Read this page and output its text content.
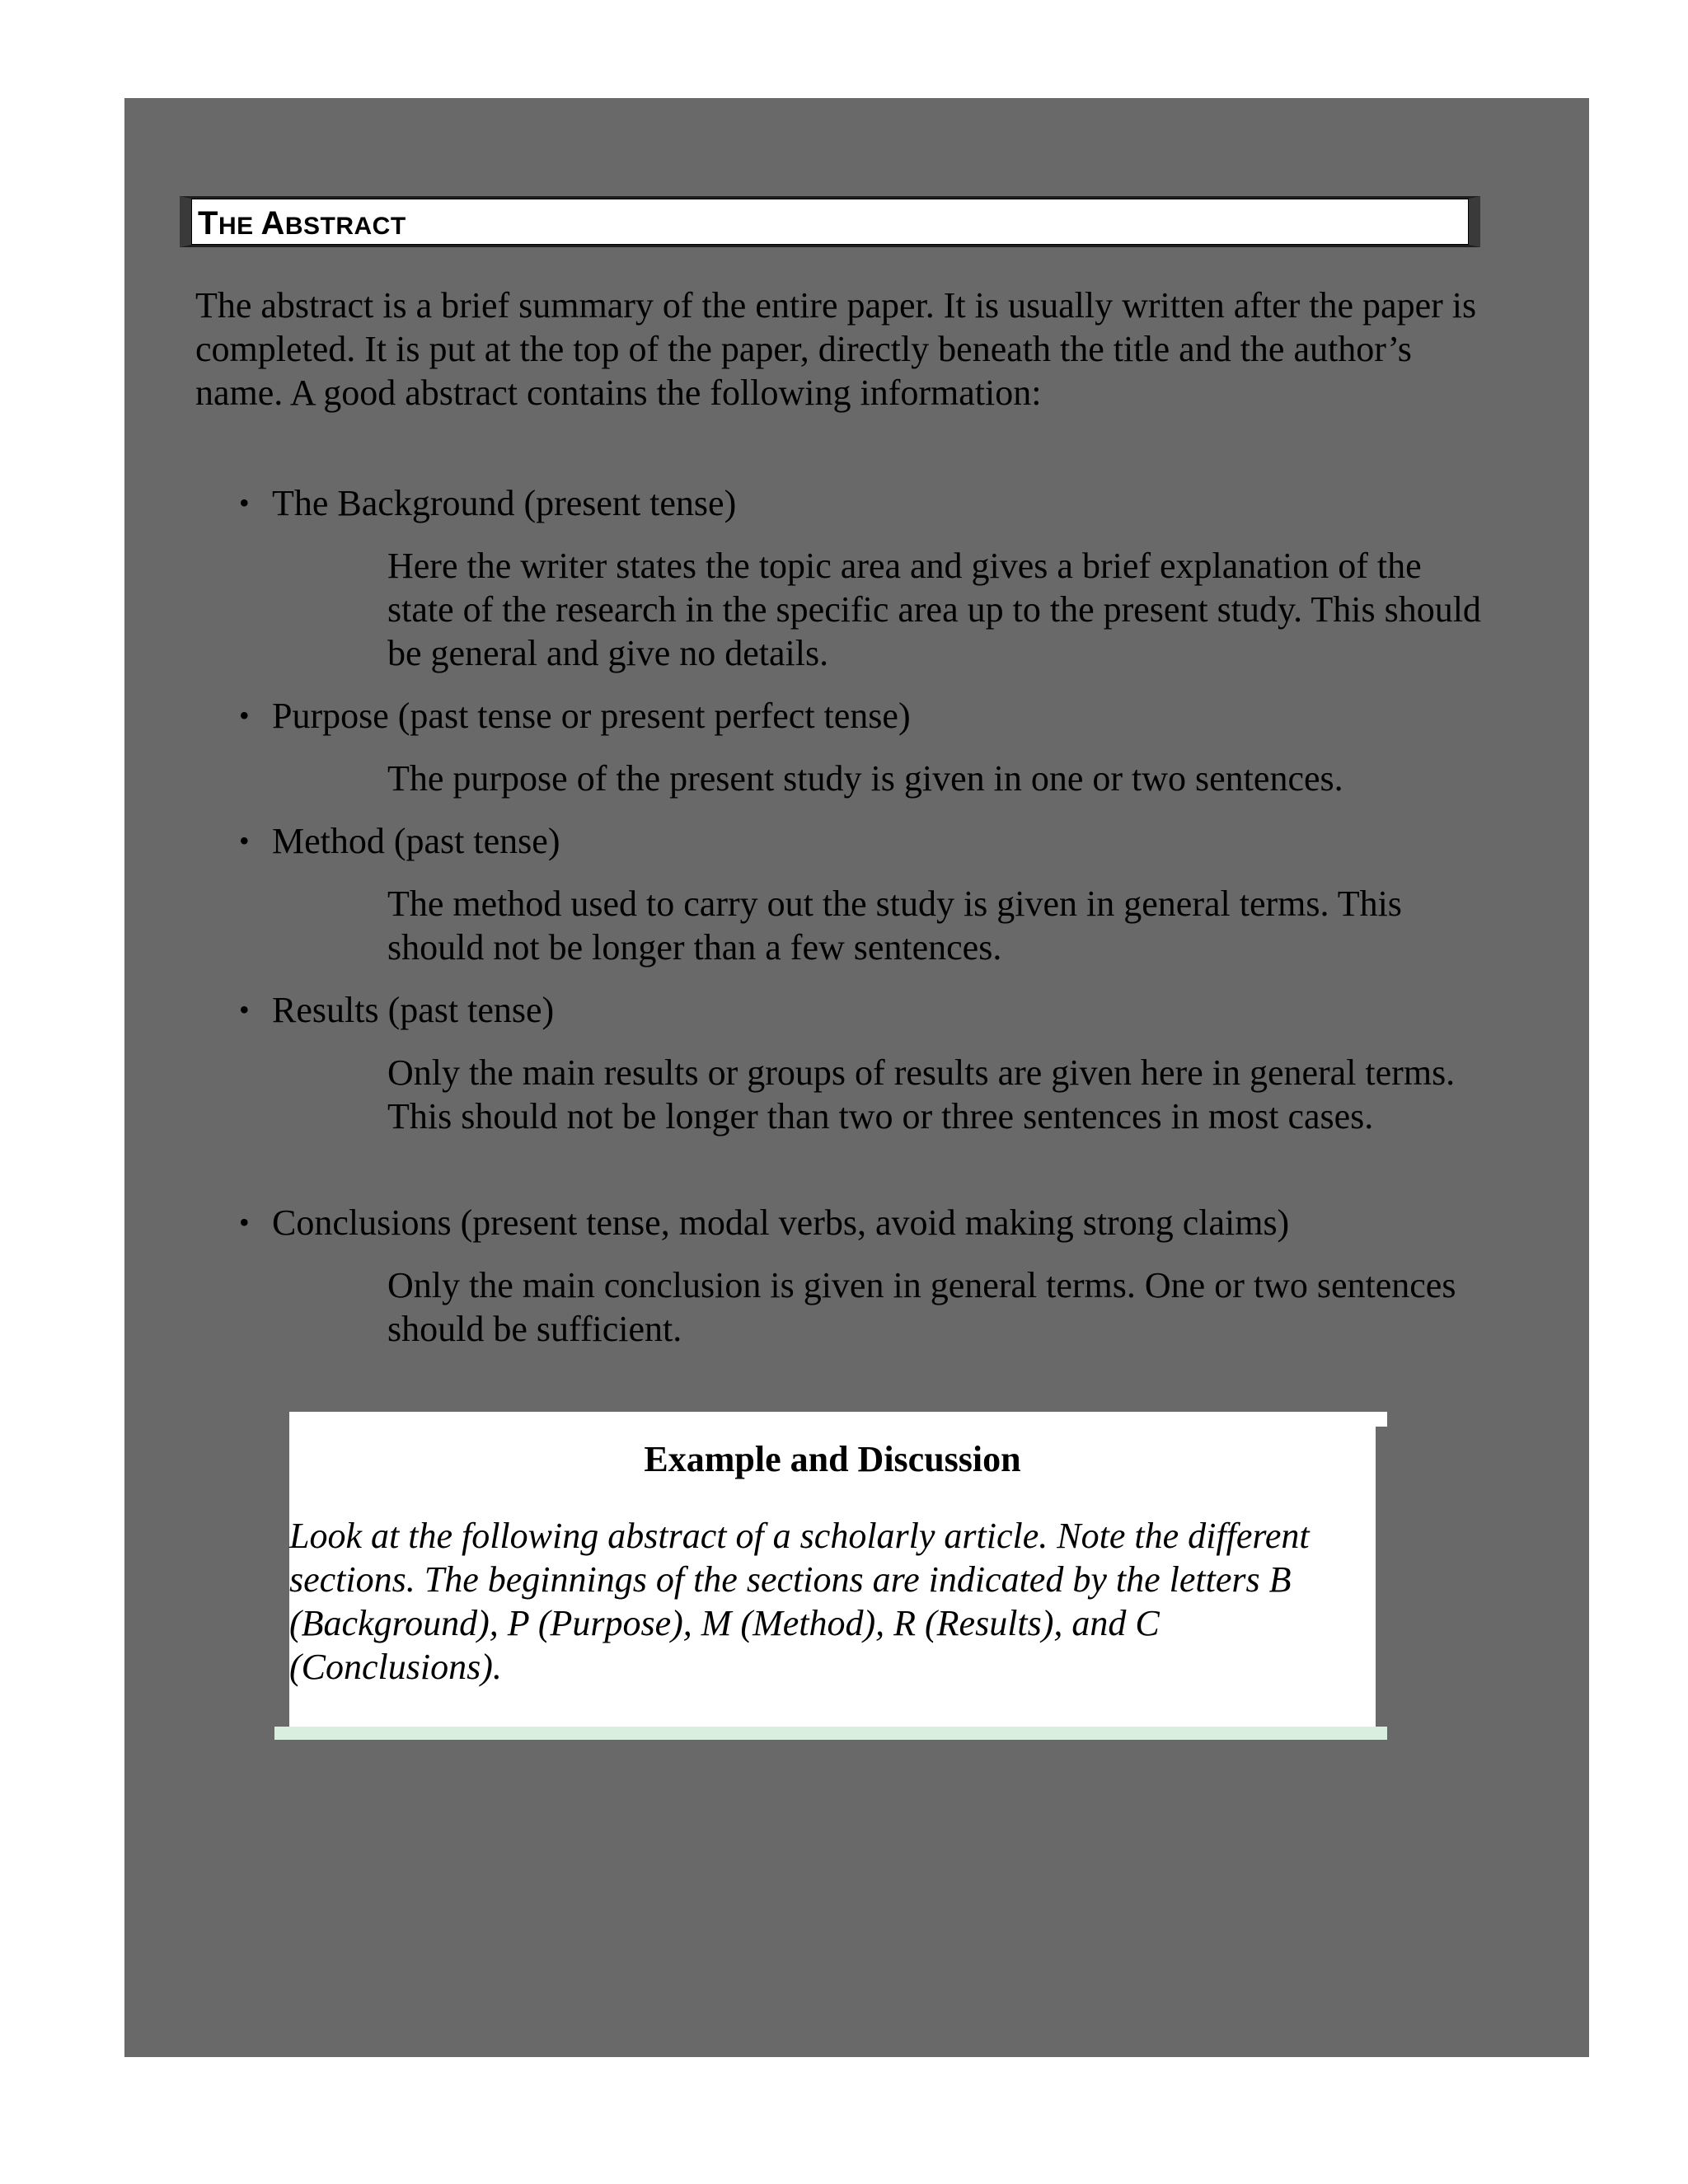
THE ABSTRACT
The abstract is a brief summary of the entire paper. It is usually written after the paper is completed. It is put at the top of the paper, directly beneath the title and the author’s name. A good abstract contains the following information:
• The Background (present tense)
Here the writer states the topic area and gives a brief explanation of the state of the research in the specific area up to the present study. This should be general and give no details.
• Purpose (past tense or present perfect tense)
The purpose of the present study is given in one or two sentences.
• Method (past tense)
The method used to carry out the study is given in general terms. This should not be longer than a few sentences.
• Results (past tense)
Only the main results or groups of results are given here in general terms. This should not be longer than two or three sentences in most cases.
• Conclusions (present tense, modal verbs, avoid making strong claims)
Only the main conclusion is given in general terms. One or two sentences should be sufficient.
Example and Discussion
Look at the following abstract of a scholarly article. Note the different sections. The beginnings of the sections are indicated by the letters B (Background), P (Purpose), M (Method), R (Results), and C (Conclusions).
